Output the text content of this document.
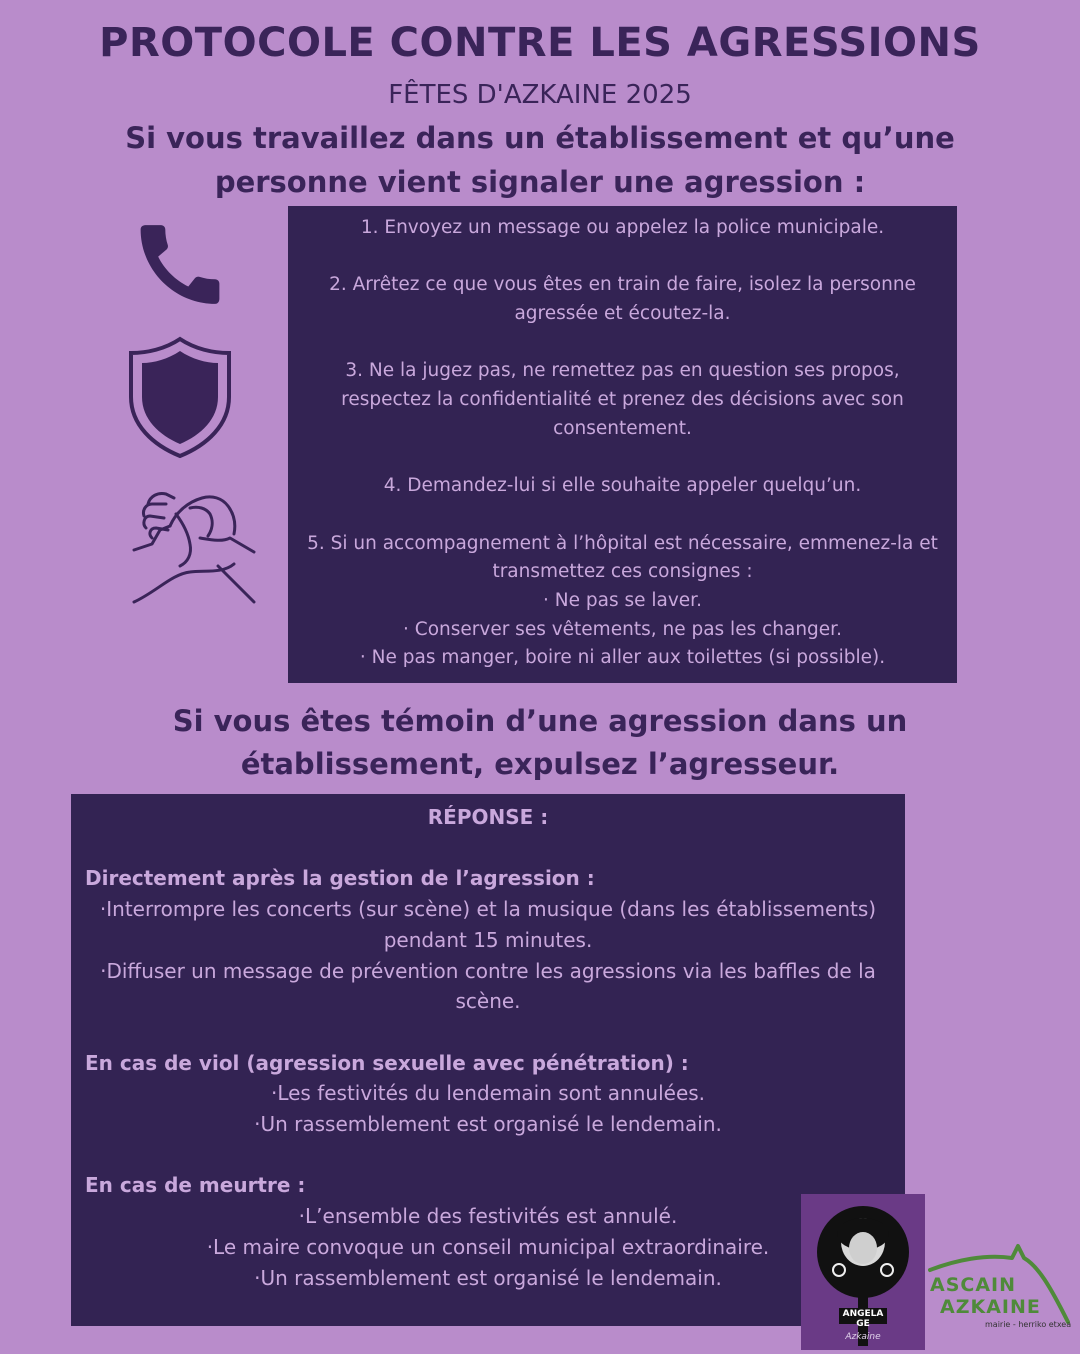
PROTOCOLE CONTRE LES AGRESSIONS
FÊTES D'AZKAINE 2025
Si vous travaillez dans un établissement et qu’une personne vient signaler une agression :

1. Envoyez un message ou appelez la police municipale.

2. Arrêtez ce que vous êtes en train de faire, isolez la personne agressée et écoutez-la.

3. Ne la jugez pas, ne remettez pas en question ses propos, respectez la confidentialité et prenez des décisions avec son consentement.

4. Demandez-lui si elle souhaite appeler quelqu’un.

5. Si un accompagnement à l’hôpital est nécessaire, emmenez-la et transmettez ces consignes :

· Ne pas se laver.

· Conserver ses vêtements, ne pas les changer.

· Ne pas manger, boire ni aller aux toilettes (si possible).

Si vous êtes témoin d’une agression dans un établissement, expulsez l’agresseur.

RÉPONSE :

Directement après la gestion de l’agression :

·Interrompre les concerts (sur scène) et la musique (dans les établissements) pendant 15 minutes.

·Diffuser un message de prévention contre les agressions via les baffles de la scène.

En cas de viol (agression sexuelle avec pénétration) :

·Les festivités du lendemain sont annulées.

·Un rassemblement est organisé le lendemain.

En cas de meurtre :

·L’ensemble des festivités est annulé.

·Le maire convoque un conseil municipal extraordinaire.

·Un rassemblement est organisé le lendemain.

ANGELA GE
Azkaine
ASCAIN
AZKAINE
mairie - herriko etxea
